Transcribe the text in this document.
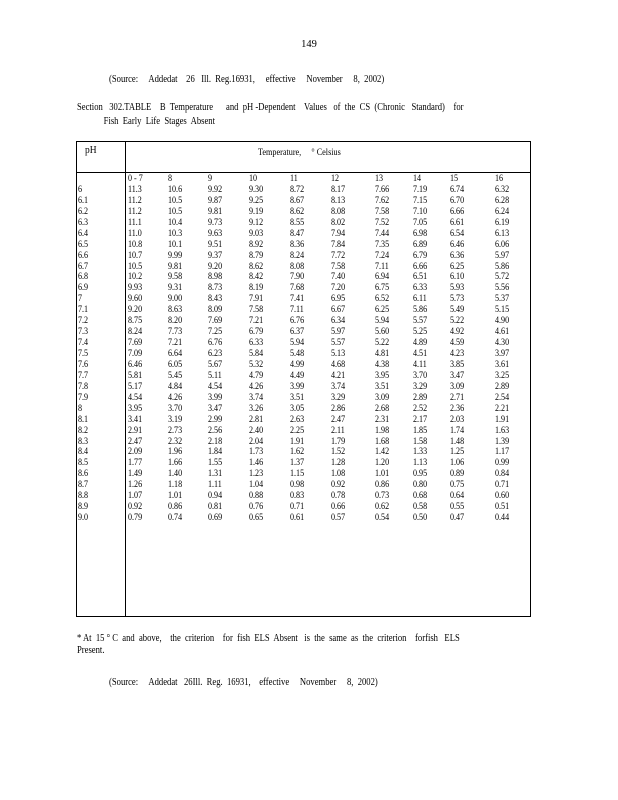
149
(Source:     Addedat    26   Ill.  Reg.16931,     effective     November     8,  2002)
Section   302.TABLE    B  Temperature      and  pH -Dependent    Values   of  the  CS  (Chronic   Standard)    for
Fish  Early  Life  Stages  Absent
pH	Temperature,     ° Celsius
0 - 7	8	9	10	11	12	13	14	15	16
6	11.3	10.6	9.92	9.30	8.72	8.17	7.66 7.19 6.74	6.32
6.1	11.2	10.5	9.87	9.25	8.67	8.13	7.62 7.15 6.70	6.28
6.2	11.2	10.5	9.81	9.19	8.62	8.08	7.58 7.10 6.66	6.24
6.3	11.1	10.4	9.73	9.12	8.55	8.02	7.52 7.05 6.61	6.19
6.4	11.0	10.3	9.63	9.03	8.47	7.94	7.44 6.98 6.54	6.13
6.5	10.8	10.1	9.51	8.92	8.36	7.84	7.35 6.89 6.46	6.06
6.6	10.7	9.99	9.37	8.79	8.24	7.72	7.24 6.79 6.36	5.97
6.7	10.5	9.81	9.20	8.62	8.08	7.58	7.11	6.66 6.25	5.86
6.8	10.2	9.58	8.98	8.42	7.90	7.40	6.94 6.51 6.10	5.72
6.9	9.93	9.31	8.73	8.19	7.68	7.20	6.75 6.33 5.93	5.56
7	9.60	9.00	8.43	7.91	7.41	6.95	6.52 6.11 5.73	5.37
7.1	9.20	8.63	8.09	7.58	7.11	6.67	6.25 5.86 5.49	5.15
7.2	8.75	8.20	7.69	7.21	6.76	6.34	5.94 5.57 5.22	4.90
7.3	8.24	7.73	7.25	6.79	6.37	5.97	5.60 5.25 4.92	4.61
7.4	7.69	7.21	6.76	6.33	5.94	5.57	5.22 4.89 4.59	4.30
7.5	7.09	6.64	6.23	5.84	5.48	5.13	4.81 4.51 4.23	3.97
7.6	6.46	6.05	5.67	5.32	4.99	4.68	4.38 4.11 3.85	3.61
7.7	5.81	5.45	5.11	4.79	4.49	4.21	3.95 3.70 3.47	3.25
7.8	5.17	4.84	4.54	4.26	3.99	3.74	3.51 3.29 3.09	2.89
7.9	4.54	4.26	3.99	3.74	3.51	3.29	3.09 2.89 2.71	2.54
8	3.95	3.70	3.47	3.26	3.05	2.86	2.68 2.52 2.36	2.21
8.1	3.41	3.19	2.99	2.81	2.63	2.47	2.31 2.17 2.03	1.91
8.2	2.91	2.73	2.56	2.40	2.25	2.11	1.98 1.85 1.74	1.63
8.3	2.47	2.32	2.18	2.04	1.91	1.79	1.68 1.58 1.48	1.39
8.4	2.09	1.96	1.84	1.73	1.62	1.52	1.42 1.33 1.25	1.17
8.5	1.77	1.66	1.55	1.46	1.37	1.28	1.20 1.13 1.06	0.99
8.6	1.49	1.40	1.31	1.23	1.15	1.08	1.01 0.95 0.89	0.84
8.7	1.26	1.18	1.11	1.04	0.98	0.92	0.86 0.80 0.75	0.71
8.8	1.07	1.01	0.94	0.88	0.83	0.78	0.73 0.68 0.64	0.60
8.9	0.92	0.86	0.81	0.76	0.71	0.66	0.62 0.58 0.55	0.51
9.0	0.79	0.74	0.69	0.65	0.61	0.57	0.54 0.50 0.47	0.44
* At  15 ° C  and  above,    the  criterion    for  fish  ELS  Absent   is  the  same  as  the  criterion    forfish   ELS
Present.
(Source:     Addedat   26Ill.  Reg.  16931,    effective     November     8,  2002)
